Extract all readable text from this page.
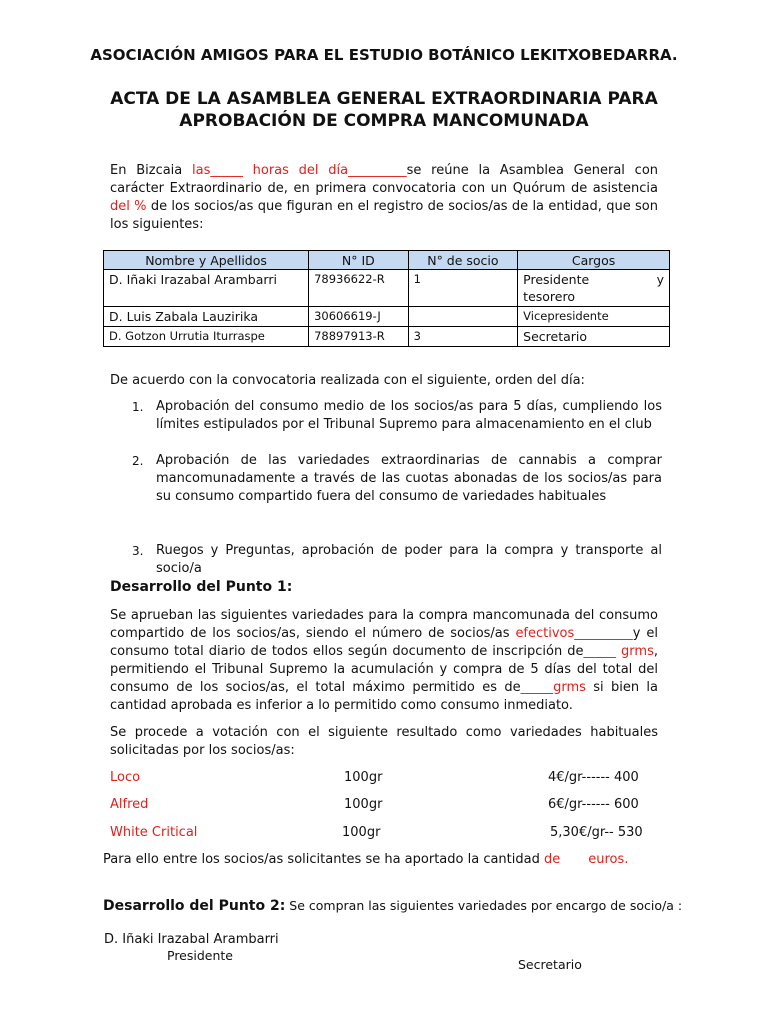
ASOCIACIÓN AMIGOS PARA EL ESTUDIO BOTÁNICO LEKITXOBEDARRA.
ACTA DE LA ASAMBLEA GENERAL EXTRAORDINARIA PARA
APROBACIÓN DE COMPRA MANCOMUNADA

En Bizcaia las_____ horas del día_________se reúne la Asamblea General con carácter Extraordinario de, en primera convocatoria con un Quórum de asistencia del % de los socios/as que figuran en el registro de socios/as de la entidad, que son los siguientes:

Nombre y Apellidos	N° ID	N° de socio	Cargos
D. Iñaki Irazabal Arambarri	78936622-R	1	Presidente y
tesorero

D. Luis Zabala Lauzirika	30606619-J		Vicepresidente
D. Gotzon Urrutia Iturraspe	78897913-R	3	Secretario

De acuerdo con la convocatoria realizada con el siguiente, orden del día:

1. Aprobación del consumo medio de los socios/as para 5 días, cumpliendo los límites estipulados por el Tribunal Supremo para almacenamiento en el club
2. Aprobación de las variedades extraordinarias de cannabis a comprar mancomunadamente a través de las cuotas abonadas de los socios/as para su consumo compartido fuera del consumo de variedades habituales
3. Ruegos y Preguntas, aprobación de poder para la compra y transporte al socio/a
Desarrollo del Punto 1:

Se aprueban las siguientes variedades para la compra mancomunada del consumo compartido de los socios/as, siendo el número de socios/as efectivos_________y el consumo total diario de todos ellos según documento de inscripción de_____ grms, permitiendo el Tribunal Supremo la acumulación y compra de 5 días del total del consumo de los socios/as, el total máximo permitido es de_____grms si bien la cantidad aprobada es inferior a lo permitido como consumo inmediato.

Se procede a votación con el siguiente resultado como variedades habituales solicitadas por los socios/as:

Loco	100gr	4€/gr------ 400
Alfred	100gr	6€/gr------ 600
White Critical	100gr	5,30€/gr-- 530
Para ello entre los socios/as solicitantes se ha aportado la cantidad de euros.
Desarrollo del Punto 2: Se compran las siguientes variedades por encargo de socio/a :
D. Iñaki Irazabal Arambarri
Presidente
Secretario
